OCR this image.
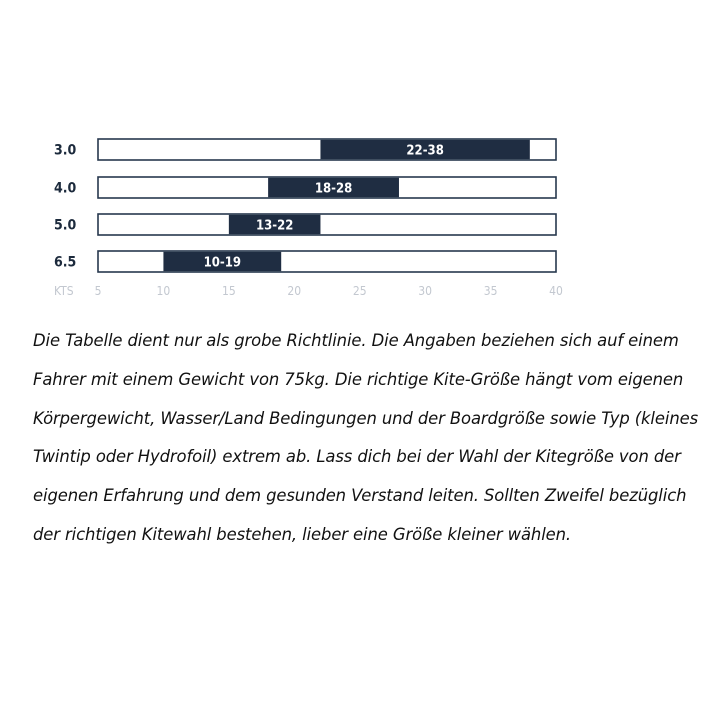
3.0	22-38
4.0	18-28
5.0	13-22
6.5	10-19
KTS 5	10	15	20	25	30	35	40

Die Tabelle dient nur als grobe Richtlinie. Die Angaben beziehen sich auf einem Fahrer mit einem Gewicht von 75kg. Die richtige Kite-Größe hängt vom eigenen Körpergewicht, Wasser/Land Bedingungen und der Boardgröße sowie Typ (kleines Twintip oder Hydrofoil) extrem ab. Lass dich bei der Wahl der Kitegröße von der eigenen Erfahrung und dem gesunden Verstand leiten. Sollten Zweifel bezüglich der richtigen Kitewahl bestehen, lieber eine Größe kleiner wählen.
